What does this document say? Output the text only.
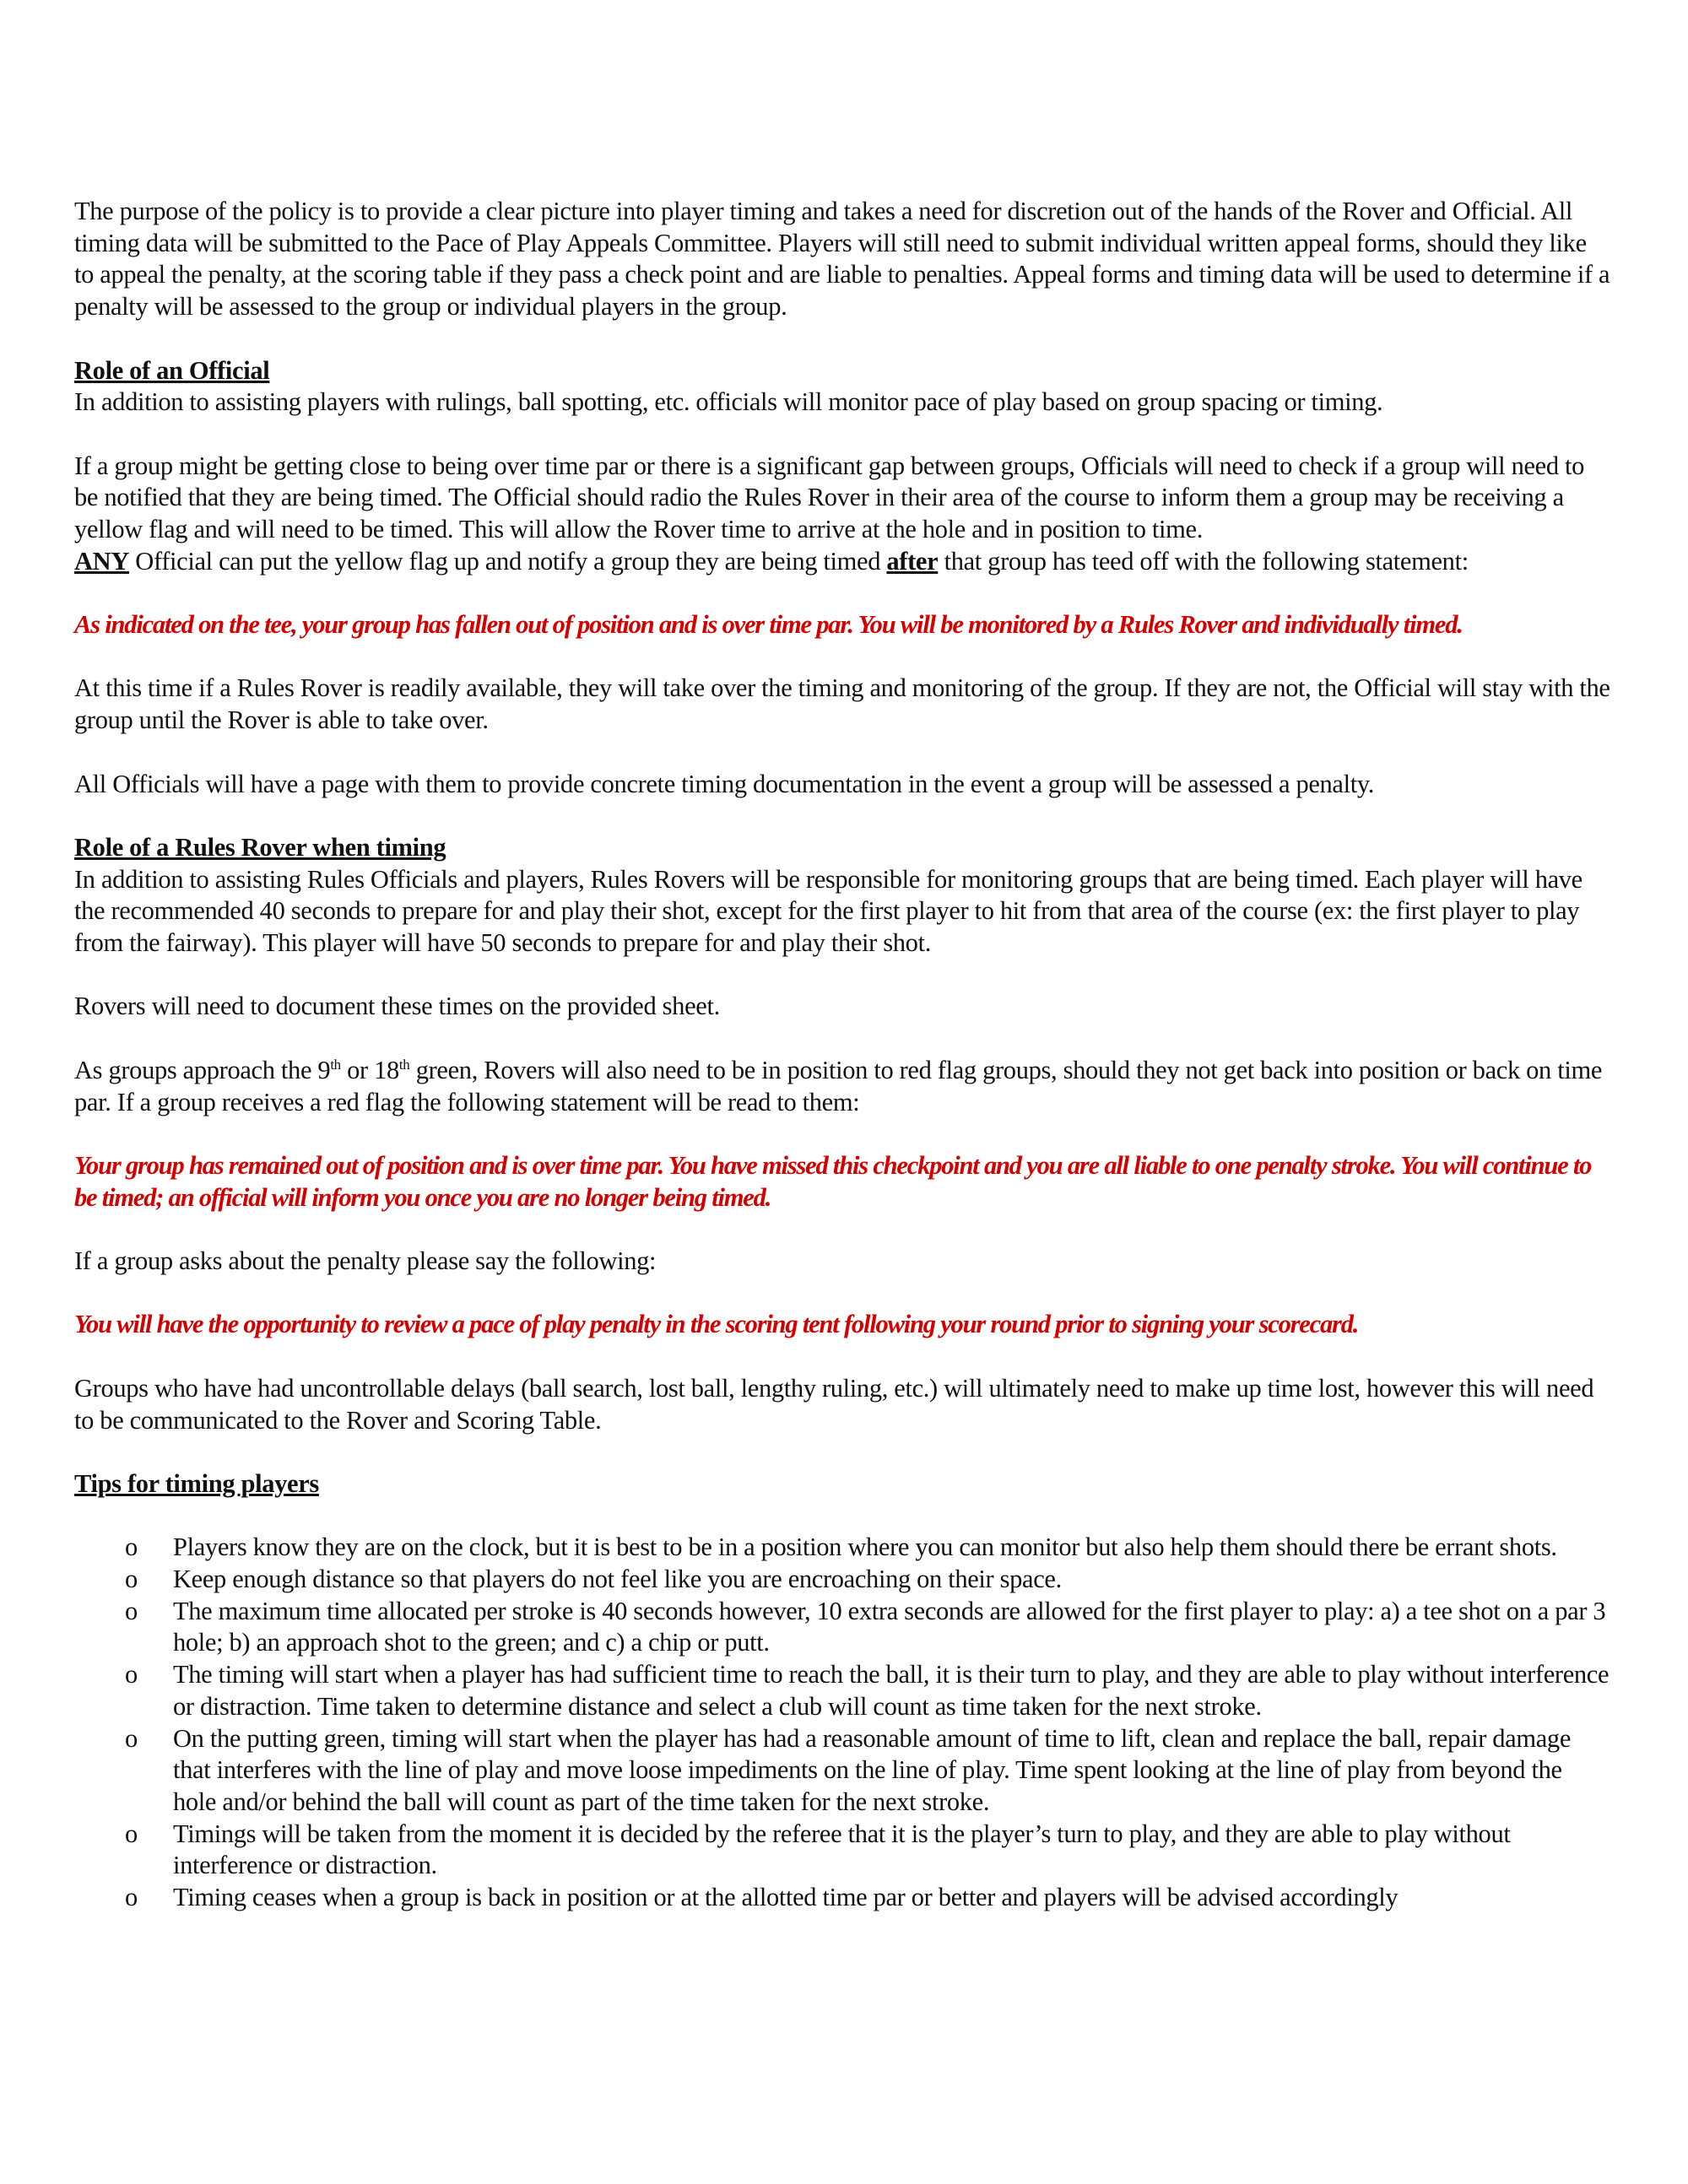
The purpose of the policy is to provide a clear picture into player timing and takes a need for discretion out of the hands of the Rover and Official. All timing data will be submitted to the Pace of Play Appeals Committee. Players will still need to submit individual written appeal forms, should they like to appeal the penalty, at the scoring table if they pass a check point and are liable to penalties. Appeal forms and timing data will be used to determine if a penalty will be assessed to the group or individual players in the group.

Role of an Official
In addition to assisting players with rulings, ball spotting, etc. officials will monitor pace of play based on group spacing or timing.

If a group might be getting close to being over time par or there is a significant gap between groups, Officials will need to check if a group will need to be notified that they are being timed. The Official should radio the Rules Rover in their area of the course to inform them a group may be receiving a yellow flag and will need to be timed. This will allow the Rover time to arrive at the hole and in position to time.
ANY Official can put the yellow flag up and notify a group they are being timed after that group has teed off with the following statement:

As indicated on the tee, your group has fallen out of position and is over time par. You will be monitored by a Rules Rover and individually timed.

At this time if a Rules Rover is readily available, they will take over the timing and monitoring of the group. If they are not, the Official will stay with the group until the Rover is able to take over.

All Officials will have a page with them to provide concrete timing documentation in the event a group will be assessed a penalty.

Role of a Rules Rover when timing
In addition to assisting Rules Officials and players, Rules Rovers will be responsible for monitoring groups that are being timed. Each player will have the recommended 40 seconds to prepare for and play their shot, except for the first player to hit from that area of the course (ex: the first player to play from the fairway). This player will have 50 seconds to prepare for and play their shot.

Rovers will need to document these times on the provided sheet.

As groups approach the 9th or 18th green, Rovers will also need to be in position to red flag groups, should they not get back into position or back on time par. If a group receives a red flag the following statement will be read to them:

Your group has remained out of position and is over time par. You have missed this checkpoint and you are all liable to one penalty stroke. You will continue to be timed; an official will inform you once you are no longer being timed.

If a group asks about the penalty please say the following:

You will have the opportunity to review a pace of play penalty in the scoring tent following your round prior to signing your scorecard.

Groups who have had uncontrollable delays (ball search, lost ball, lengthy ruling, etc.) will ultimately need to make up time lost, however this will need to be communicated to the Rover and Scoring Table.

Tips for timing players

o Players know they are on the clock, but it is best to be in a position where you can monitor but also help them should there be errant shots.
o Keep enough distance so that players do not feel like you are encroaching on their space.
o The maximum time allocated per stroke is 40 seconds however, 10 extra seconds are allowed for the first player to play: a) a tee shot on a par 3 hole; b) an approach shot to the green; and c) a chip or putt.
o The timing will start when a player has had sufficient time to reach the ball, it is their turn to play, and they are able to play without interference or distraction. Time taken to determine distance and select a club will count as time taken for the next stroke.
o On the putting green, timing will start when the player has had a reasonable amount of time to lift, clean and replace the ball, repair damage that interferes with the line of play and move loose impediments on the line of play. Time spent looking at the line of play from beyond the hole and/or behind the ball will count as part of the time taken for the next stroke.
o Timings will be taken from the moment it is decided by the referee that it is the player’s turn to play, and they are able to play without interference or distraction.
o Timing ceases when a group is back in position or at the allotted time par or better and players will be advised accordingly
